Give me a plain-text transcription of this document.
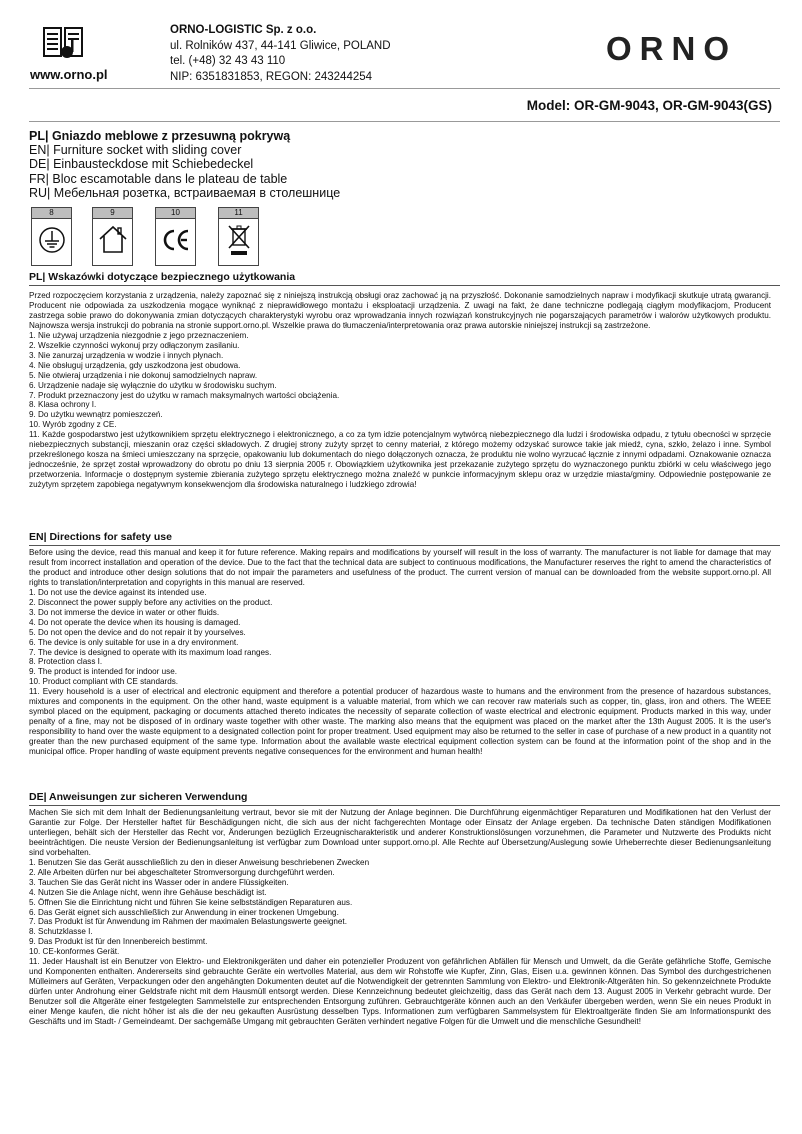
www.orno.pl
ORNO-LOGISTIC Sp. z o.o.
ul. Rolników 437, 44-141 Gliwice, POLAND
tel. (+48) 32 43 43 110
NIP: 6351831853, REGON: 243244254
ORNO
Model: OR-GM-9043, OR-GM-9043(GS)
PL| Gniazdo meblowe z przesuwną pokrywą
EN| Furniture socket with sliding cover
DE| Einbausteckdose mit Schiebedeckel
FR| Bloc escamotable dans le plateau de table
RU| Мебельная розетка, встраиваемая в столешнице
8	9	10	11
PL| Wskazówki dotyczące bezpiecznego użytkowania

Przed rozpoczęciem korzystania z urządzenia, należy zapoznać się z niniejszą instrukcją obsługi oraz zachować ją na przyszłość. Dokonanie samodzielnych napraw i modyfikacji skutkuje utratą gwarancji. Producent nie odpowiada za uszkodzenia mogące wyniknąć z nieprawidłowego montażu i eksploatacji urządzenia. Z uwagi na fakt, że dane techniczne podlegają ciągłym modyfikacjom, Producent zastrzega sobie prawo do dokonywania zmian dotyczących charakterystyki wyrobu oraz wprowadzania innych rozwiązań konstrukcyjnych nie pogarszających parametrów i walorów użytkowych produktu. Najnowsza wersja instrukcji do pobrania na stronie support.orno.pl. Wszelkie prawa do tłumaczenia/interpretowania oraz prawa autorskie niniejszej instrukcji są zastrzeżone.

1. Nie używaj urządzenia niezgodnie z jego przeznaczeniem.
2. Wszelkie czynności wykonuj przy odłączonym zasilaniu.
3. Nie zanurzaj urządzenia w wodzie i innych płynach.
4. Nie obsługuj urządzenia, gdy uszkodzona jest obudowa.
5. Nie otwieraj urządzenia i nie dokonuj samodzielnych napraw.
6. Urządzenie nadaje się wyłącznie do użytku w środowisku suchym.
7. Produkt przeznaczony jest do użytku w ramach maksymalnych wartości obciążenia.
8. Klasa ochrony I.
9. Do użytku wewnątrz pomieszczeń.
10. Wyrób zgodny z CE.
11. Każde gospodarstwo jest użytkownikiem sprzętu elektrycznego i elektronicznego, a co za tym idzie potencjalnym wytwórcą niebezpiecznego dla ludzi i środowiska odpadu, z tytułu obecności w sprzęcie niebezpiecznych substancji, mieszanin oraz części składowych. Z drugiej strony zużyty sprzęt to cenny materiał, z którego możemy odzyskać surowce takie jak miedź, cyna, szkło, żelazo i inne. Symbol przekreślonego kosza na śmieci umieszczany na sprzęcie, opakowaniu lub dokumentach do niego dołączonych oznacza, że produktu nie wolno wyrzucać łącznie z innymi odpadami. Oznakowanie oznacza jednocześnie, że sprzęt został wprowadzony do obrotu po dniu 13 sierpnia 2005 r. Obowiązkiem użytkownika jest przekazanie zużytego sprzętu do wyznaczonego punktu zbiórki w celu właściwego jego przetworzenia. Informacje o dostępnym systemie zbierania zużytego sprzętu elektrycznego można znaleźć w punkcie informacyjnym sklepu oraz w urzędzie miasta/gminy. Odpowiednie postępowanie ze zużytym sprzętem zapobiega negatywnym konsekwencjom dla środowiska naturalnego i ludzkiego zdrowia!
EN| Directions for safety use

Before using the device, read this manual and keep it for future reference. Making repairs and modifications by yourself will result in the loss of warranty. The manufacturer is not liable for damage that may result from incorrect installation and operation of the device. Due to the fact that the technical data are subject to continuous modifications, the Manufacturer reserves the right to amend the characteristics of the product and introduce other design solutions that do not impair the parameters and usefulness of the product. The current version of manual can be downloaded from the website support.orno.pl. All rights to translation/interpretation and copyrights in this manual are reserved.

1. Do not use the device against its intended use.
2. Disconnect the power supply before any activities on the product.
3. Do not immerse the device in water or other fluids.
4. Do not operate the device when its housing is damaged.
5. Do not open the device and do not repair it by yourselves.
6. The device is only suitable for use in a dry environment.
7. The device is designed to operate with its maximum load ranges.
8. Protection class I.
9. The product is intended for indoor use.
10. Product compliant with CE standards.
11. Every household is a user of electrical and electronic equipment and therefore a potential producer of hazardous waste to humans and the environment from the presence of hazardous substances, mixtures and components in the equipment. On the other hand, waste equipment is a valuable material, from which we can recover raw materials such as copper, tin, glass, iron and others. The WEEE symbol placed on the equipment, packaging or documents attached thereto indicates the necessity of separate collection of waste electrical and electronic equipment. Products marked in this way, under penalty of a fine, may not be disposed of in ordinary waste together with other waste. The marking also means that the equipment was placed on the market after the 13th August 2005. It is the user's responsibility to hand over the waste equipment to a designated collection point for proper treatment. Used equipment may also be returned to the seller in case of purchase of a new product in a quantity not greater than the new purchased equipment of the same type. Information about the available waste electrical equipment collection system can be found at the information point of the shop and in the municipal office. Proper handling of waste equipment prevents negative consequences for the environment and human health!
DE| Anweisungen zur sicheren Verwendung

Machen Sie sich mit dem Inhalt der Bedienungsanleitung vertraut, bevor sie mit der Nutzung der Anlage beginnen. Die Durchführung eigenmächtiger Reparaturen und Modifikationen hat den Verlust der Garantie zur Folge. Der Hersteller haftet für Beschädigungen nicht, die sich aus der nicht fachgerechten Montage oder Einsatz der Anlage ergeben. Da technische Daten ständigen Modifikationen unterliegen, behält sich der Hersteller das Recht vor, Änderungen bezüglich Erzeugnischarakteristik und anderer Konstruktionslösungen vorzunehmen, die Parameter und Nutzwerte des Produkts nicht beeinträchtigen. Die neuste Version der Bedienungsanleitung ist verfügbar zum Download unter support.orno.pl. Alle Rechte auf Übersetzung/Auslegung sowie Urheberrechte dieser Bedienungsanleitung sind vorbehalten.

1. Benutzen Sie das Gerät ausschließlich zu den in dieser Anweisung beschriebenen Zwecken
2. Alle Arbeiten dürfen nur bei abgeschalteter Stromversorgung durchgeführt werden.
3. Tauchen Sie das Gerät nicht ins Wasser oder in andere Flüssigkeiten.
4. Nutzen Sie die Anlage nicht, wenn ihre Gehäuse beschädigt ist.
5. Öffnen Sie die Einrichtung nicht und führen Sie keine selbstständigen Reparaturen aus.
6. Das Gerät eignet sich ausschließlich zur Anwendung in einer trockenen Umgebung.
7. Das Produkt ist für Anwendung im Rahmen der maximalen Belastungswerte geeignet.
8. Schutzklasse I.
9. Das Produkt ist für den Innenbereich bestimmt.
10. CE-konformes Gerät.
11. Jeder Haushalt ist ein Benutzer von Elektro- und Elektronikgeräten und daher ein potenzieller Produzent von gefährlichen Abfällen für Mensch und Umwelt, da die Geräte gefährliche Stoffe, Gemische und Komponenten enthalten. Andererseits sind gebrauchte Geräte ein wertvolles Material, aus dem wir Rohstoffe wie Kupfer, Zinn, Glas, Eisen u.a. gewinnen können. Das Symbol des durchgestrichenen Mülleimers auf Geräten, Verpackungen oder den angehängten Dokumenten deutet auf die Notwendigkeit der getrennten Sammlung von Elektro- und Elektronik-Altgeräten hin. So gekennzeichnete Produkte dürfen unter Androhung einer Geldstrafe nicht mit dem Hausmüll entsorgt werden. Diese Kennzeichnung bedeutet gleichzeitig, dass das Gerät nach dem 13. August 2005 in Verkehr gebracht wurde. Der Benutzer soll die Altgeräte einer festgelegten Sammelstelle zur entsprechenden Entsorgung zuführen. Gebrauchtgeräte können auch an den Verkäufer übergeben werden, wenn Sie ein neues Produkt in einer Menge kaufen, die nicht höher ist als die der neu gekauften Ausrüstung desselben Typs. Informationen zum verfügbaren Sammelsystem für Elektroaltgeräte finden Sie am Informationspunkt des Geschäfts und im Stadt- / Gemeindeamt. Der sachgemäße Umgang mit gebrauchten Geräten verhindert negative Folgen für die Umwelt und die menschliche Gesundheit!
